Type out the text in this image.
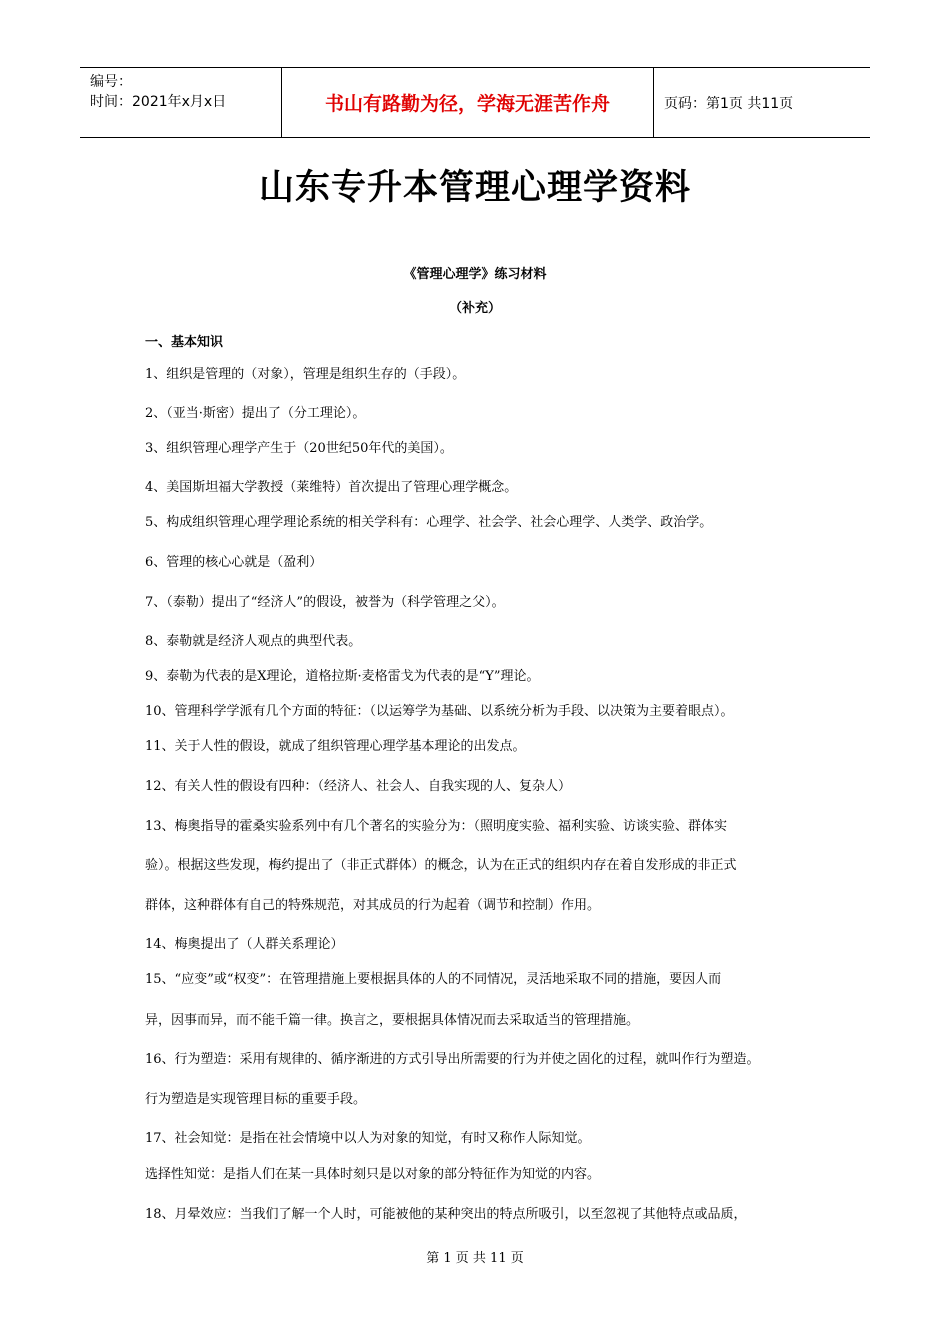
编号：
时间：2021年x月x日	书山有路勤为径，学海无涯苦作舟	页码：第1页 共11页
山东专升本管理心理学资料
《管理心理学》练习材料
（补充）
一、基本知识

1、组织是管理的（对象），管理是组织生存的（手段）。

2、（亚当·斯密）提出了（分工理论）。

3、组织管理心理学产生于（20世纪50年代的美国）。

4、美国斯坦福大学教授（莱维特）首次提出了管理心理学概念。

5、构成组织管理心理学理论系统的相关学科有：心理学、社会学、社会心理学、人类学、政治学。

6、管理的核心心就是（盈利）

7、（泰勒）提出了“经济人”的假设，被誉为（科学管理之父）。

8、泰勒就是经济人观点的典型代表。

9、泰勒为代表的是X理论，道格拉斯·麦格雷戈为代表的是“Y”理论。

10、管理科学学派有几个方面的特征：（以运筹学为基础、以系统分析为手段、以决策为主要着眼点）。

11、关于人性的假设，就成了组织管理心理学基本理论的出发点。

12、有关人性的假设有四种：（经济人、社会人、自我实现的人、复杂人）

13、梅奥指导的霍桑实验系列中有几个著名的实验分为：（照明度实验、福利实验、访谈实验、群体实

验）。根据这些发现，梅约提出了（非正式群体）的概念，认为在正式的组织内存在着自发形成的非正式

群体，这种群体有自己的特殊规范，对其成员的行为起着（调节和控制）作用。

14、梅奥提出了（人群关系理论）

15、“应变”或“权变”：在管理措施上要根据具体的人的不同情况，灵活地采取不同的措施，要因人而

异，因事而异，而不能千篇一律。换言之，要根据具体情况而去采取适当的管理措施。

16、行为塑造：采用有规律的、循序渐进的方式引导出所需要的行为并使之固化的过程，就叫作行为塑造。

行为塑造是实现管理目标的重要手段。

17、社会知觉：是指在社会情境中以人为对象的知觉，有时又称作人际知觉。

选择性知觉：是指人们在某一具体时刻只是以对象的部分特征作为知觉的内容。

18、月晕效应：当我们了解一个人时，可能被他的某种突出的特点所吸引，以至忽视了其他特点或品质，

第 1 页 共 11 页
